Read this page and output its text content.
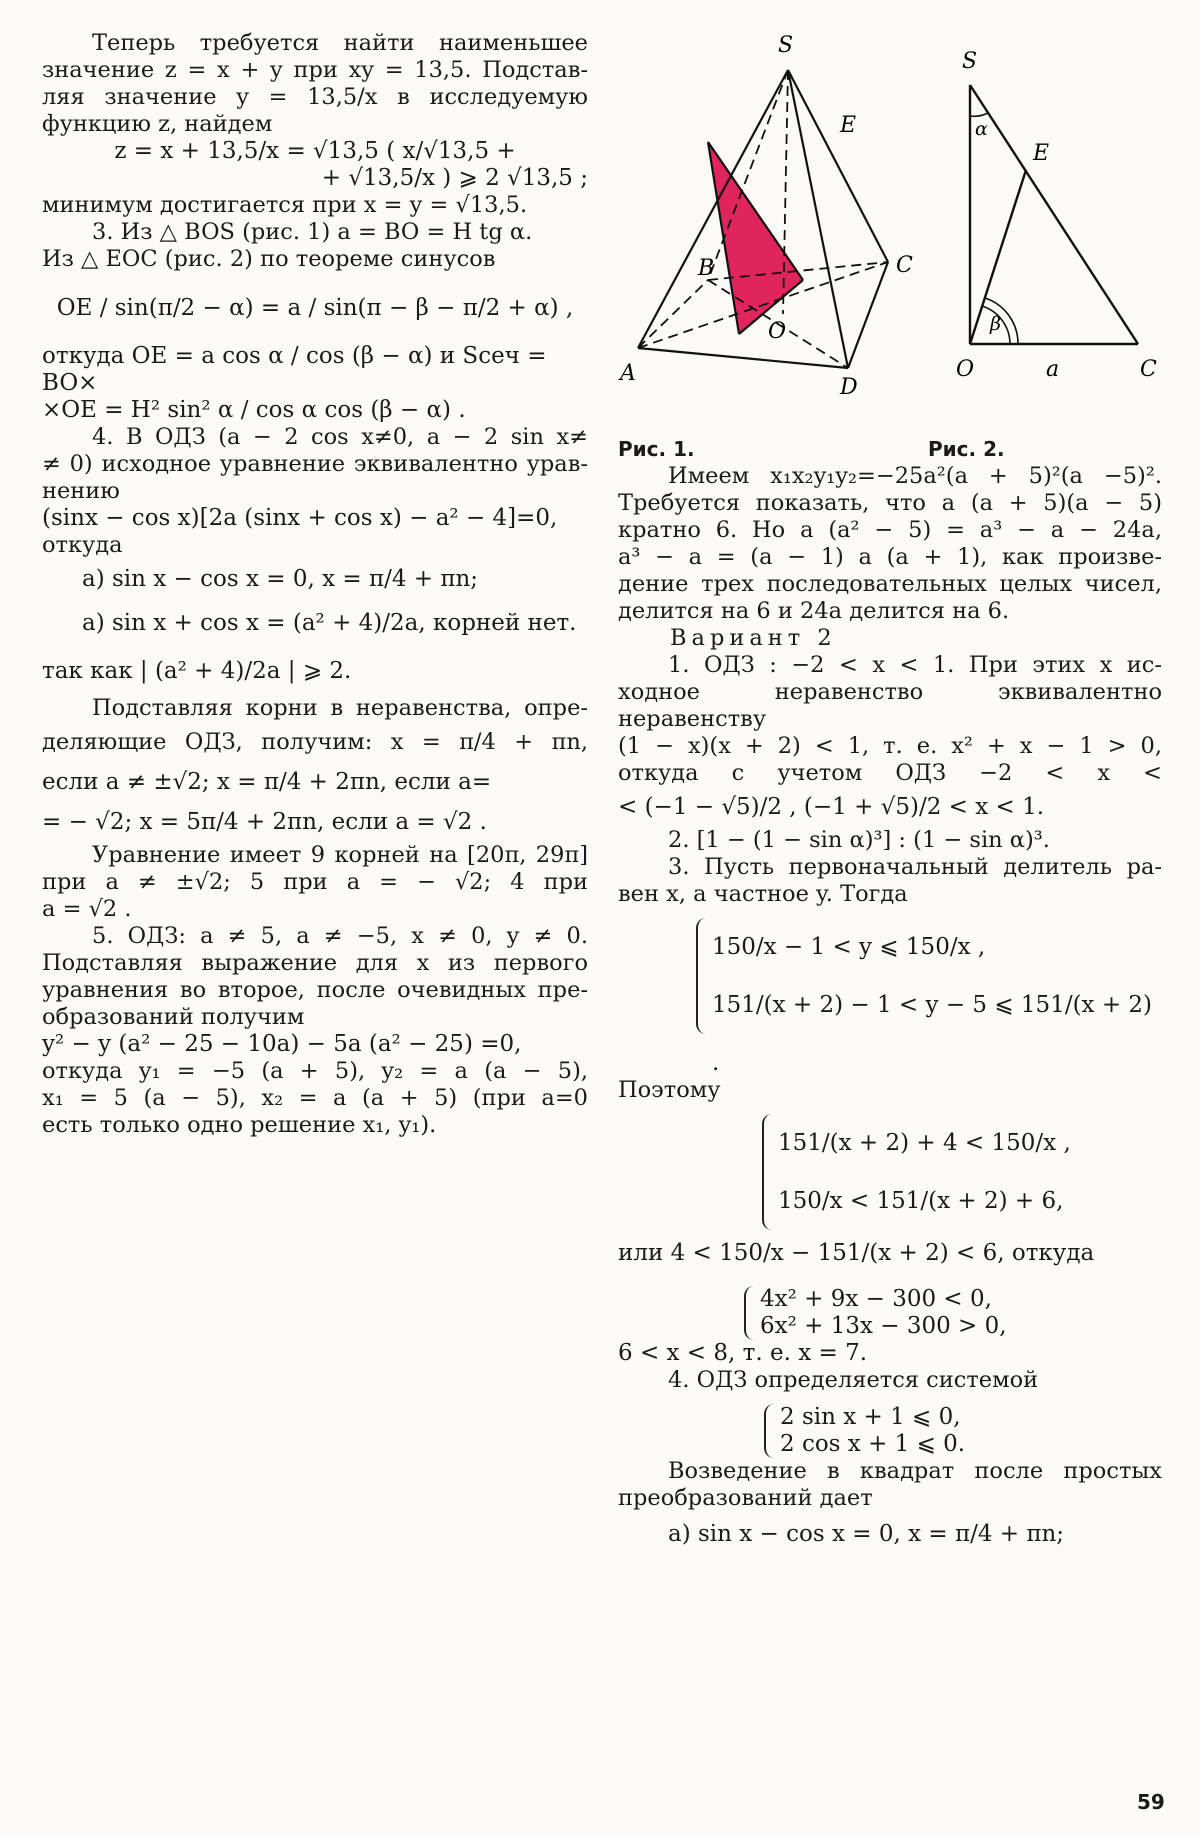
Теперь требуется найти наименьшее

значение z = x + y при xy = 13,5. Подстав-

ляя значение y = 13,5/x в исследуемую

функцию z, найдем

z = x + 13,5/x = √13,5 ( x/√13,5 +

+ √13,5/x ) ⩾ 2 √13,5 ;

минимум достигается при x = y = √13,5.

3. Из △ BOS (рис. 1) a = BO = H tg α.

Из △ EOC (рис. 2) по теореме синусов

OE / sin(π/2 − α) = a / sin(π − β − π/2 + α) ,

откуда OE = a cos α / cos (β − α) и Sсеч = BO×

×OE = H² sin² α / cos α cos (β − α) .

4. В ОДЗ (a − 2 cos x≠0, a − 2 sin x≠

≠ 0) исходное уравнение эквивалентно урав-

нению

(sinx − cos x)[2a (sinx + cos x) − a² − 4]=0,

откуда

а) sin x − cos x = 0, x = π/4 + πn;

а) sin x + cos x = (a² + 4)/2a, корней нет.

так как | (a² + 4)/2a | ⩾ 2.

Подставляя корни в неравенства, опре-

деляющие ОДЗ, получим: x = π/4 + πn,

если a ≠ ±√2; x = π/4 + 2πn, если a=

= − √2; x = 5π/4 + 2πn, если a = √2 .

Уравнение имеет 9 корней на [20π, 29π]

при a ≠ ±√2; 5 при a = − √2; 4 при

a = √2 .

5. ОДЗ: a ≠ 5, a ≠ −5, x ≠ 0, y ≠ 0.

Подставляя выражение для x из первого

уравнения во второе, после очевидных пре-

образований получим

y² − y (a² − 25 − 10a) − 5a (a² − 25) =0,

откуда y₁ = −5 (a + 5), y₂ = a (a − 5),

x₁ = 5 (a − 5), x₂ = a (a + 5) (при a=0

есть только одно решение x₁, y₁).

S
E
B	C
O
A
D
S
α
E
β
O	a	C
Рис. 1.	Рис. 2.

Имеем x₁x₂y₁y₂=−25a²(a + 5)²(a −5)².

Требуется показать, что a (a + 5)(a − 5)

кратно 6. Но a (a² − 5) = a³ − a − 24a,

a³ − a = (a − 1) a (a + 1), как произве-

дение трех последовательных целых чисел,

делится на 6 и 24a делится на 6.

Вариант 2

1. ОДЗ : −2 < x < 1. При этих x ис-

ходное неравенство эквивалентно неравенству

(1 − x)(x + 2) < 1, т. е. x² + x − 1 > 0,

откуда с учетом ОДЗ −2 < x <

< (−1 − √5)/2 , (−1 + √5)/2 < x < 1.

2. [1 − (1 − sin α)³] : (1 − sin α)³.

3. Пусть первоначальный делитель ра-

вен x, а частное y. Тогда

150/x − 1 < y ⩽ 150/x ,

151/(x + 2) − 1 < y − 5 ⩽ 151/(x + 2) .

Поэтому

151/(x + 2) + 4 < 150/x ,

150/x < 151/(x + 2) + 6,

или 4 < 150/x − 151/(x + 2) < 6, откуда

4x² + 9x − 300 < 0,

6x² + 13x − 300 > 0,

6 < x < 8, т. е. x = 7.

4. ОДЗ определяется системой

2 sin x + 1 ⩽ 0,

2 cos x + 1 ⩽ 0.

Возведение в квадрат после простых

преобразований дает

а) sin x − cos x = 0, x = π/4 + πn;

59
